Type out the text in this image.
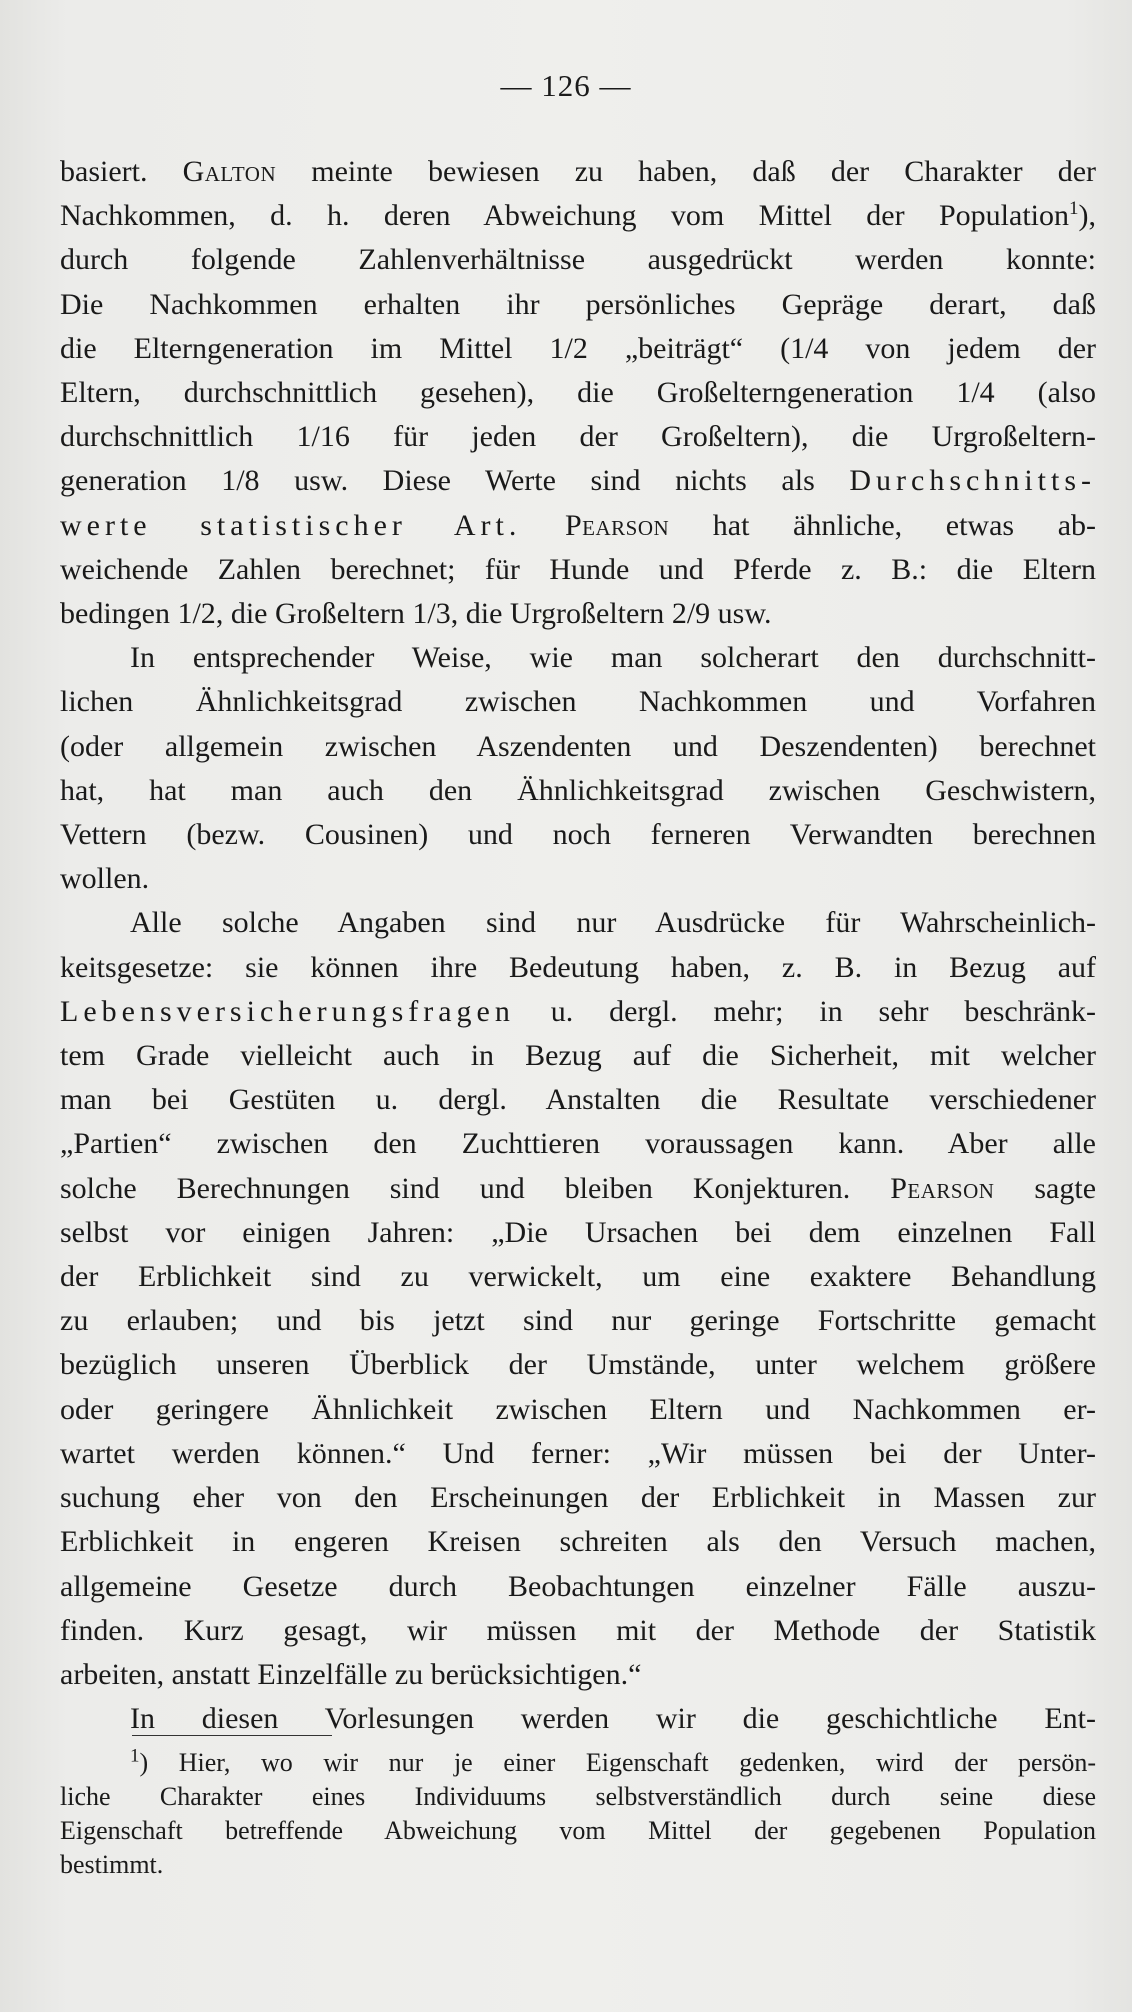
— 126 —

basiert. Galton meinte bewiesen zu haben, daß der Charakter der
Nachkommen, d. h. deren Abweichung vom Mittel der Population$^1$),
durch folgende Zahlenverhältnisse ausgedrückt werden konnte:
Die Nachkommen erhalten ihr persönliches Gepräge derart, daß
die Elterngeneration im Mittel 1/2 „beiträgt“ (1/4 von jedem der
Eltern, durchschnittlich gesehen), die Großelterngeneration 1/4 (also
durchschnittlich 1/16 für jeden der Großeltern), die Urgroßeltern-
generation 1/8 usw. Diese Werte sind nichts als Durchschnitts-
werte statistischer Art. Pearson hat ähnliche, etwas ab-
weichende Zahlen berechnet; für Hunde und Pferde z. B.: die Eltern
bedingen 1/2, die Großeltern 1/3, die Urgroßeltern 2/9 usw.

In entsprechender Weise, wie man solcherart den durchschnitt-
lichen Ähnlichkeitsgrad zwischen Nachkommen und Vorfahren
(oder allgemein zwischen Aszendenten und Deszendenten) berechnet
hat, hat man auch den Ähnlichkeitsgrad zwischen Geschwistern,
Vettern (bezw. Cousinen) und noch ferneren Verwandten berechnen
wollen.

Alle solche Angaben sind nur Ausdrücke für Wahrscheinlich-
keitsgesetze: sie können ihre Bedeutung haben, z. B. in Bezug auf
Lebensversicherungsfragen u. dergl. mehr; in sehr beschränk-
tem Grade vielleicht auch in Bezug auf die Sicherheit, mit welcher
man bei Gestüten u. dergl. Anstalten die Resultate verschiedener
„Partien“ zwischen den Zuchttieren voraussagen kann. Aber alle
solche Berechnungen sind und bleiben Konjekturen. Pearson sagte
selbst vor einigen Jahren: „Die Ursachen bei dem einzelnen Fall
der Erblichkeit sind zu verwickelt, um eine exaktere Behandlung
zu erlauben; und bis jetzt sind nur geringe Fortschritte gemacht
bezüglich unseren Überblick der Umstände, unter welchem größere
oder geringere Ähnlichkeit zwischen Eltern und Nachkommen er-
wartet werden können.“ Und ferner: „Wir müssen bei der Unter-
suchung eher von den Erscheinungen der Erblichkeit in Massen zur
Erblichkeit in engeren Kreisen schreiten als den Versuch machen,
allgemeine Gesetze durch Beobachtungen einzelner Fälle auszu-
finden. Kurz gesagt, wir müssen mit der Methode der Statistik
arbeiten, anstatt Einzelfälle zu berücksichtigen.“

In diesen Vorlesungen werden wir die geschichtliche Ent-

$^1$) Hier, wo wir nur je einer Eigenschaft gedenken, wird der persön-
liche Charakter eines Individuums selbstverständlich durch seine diese
Eigenschaft betreffende Abweichung vom Mittel der gegebenen Population
bestimmt.
